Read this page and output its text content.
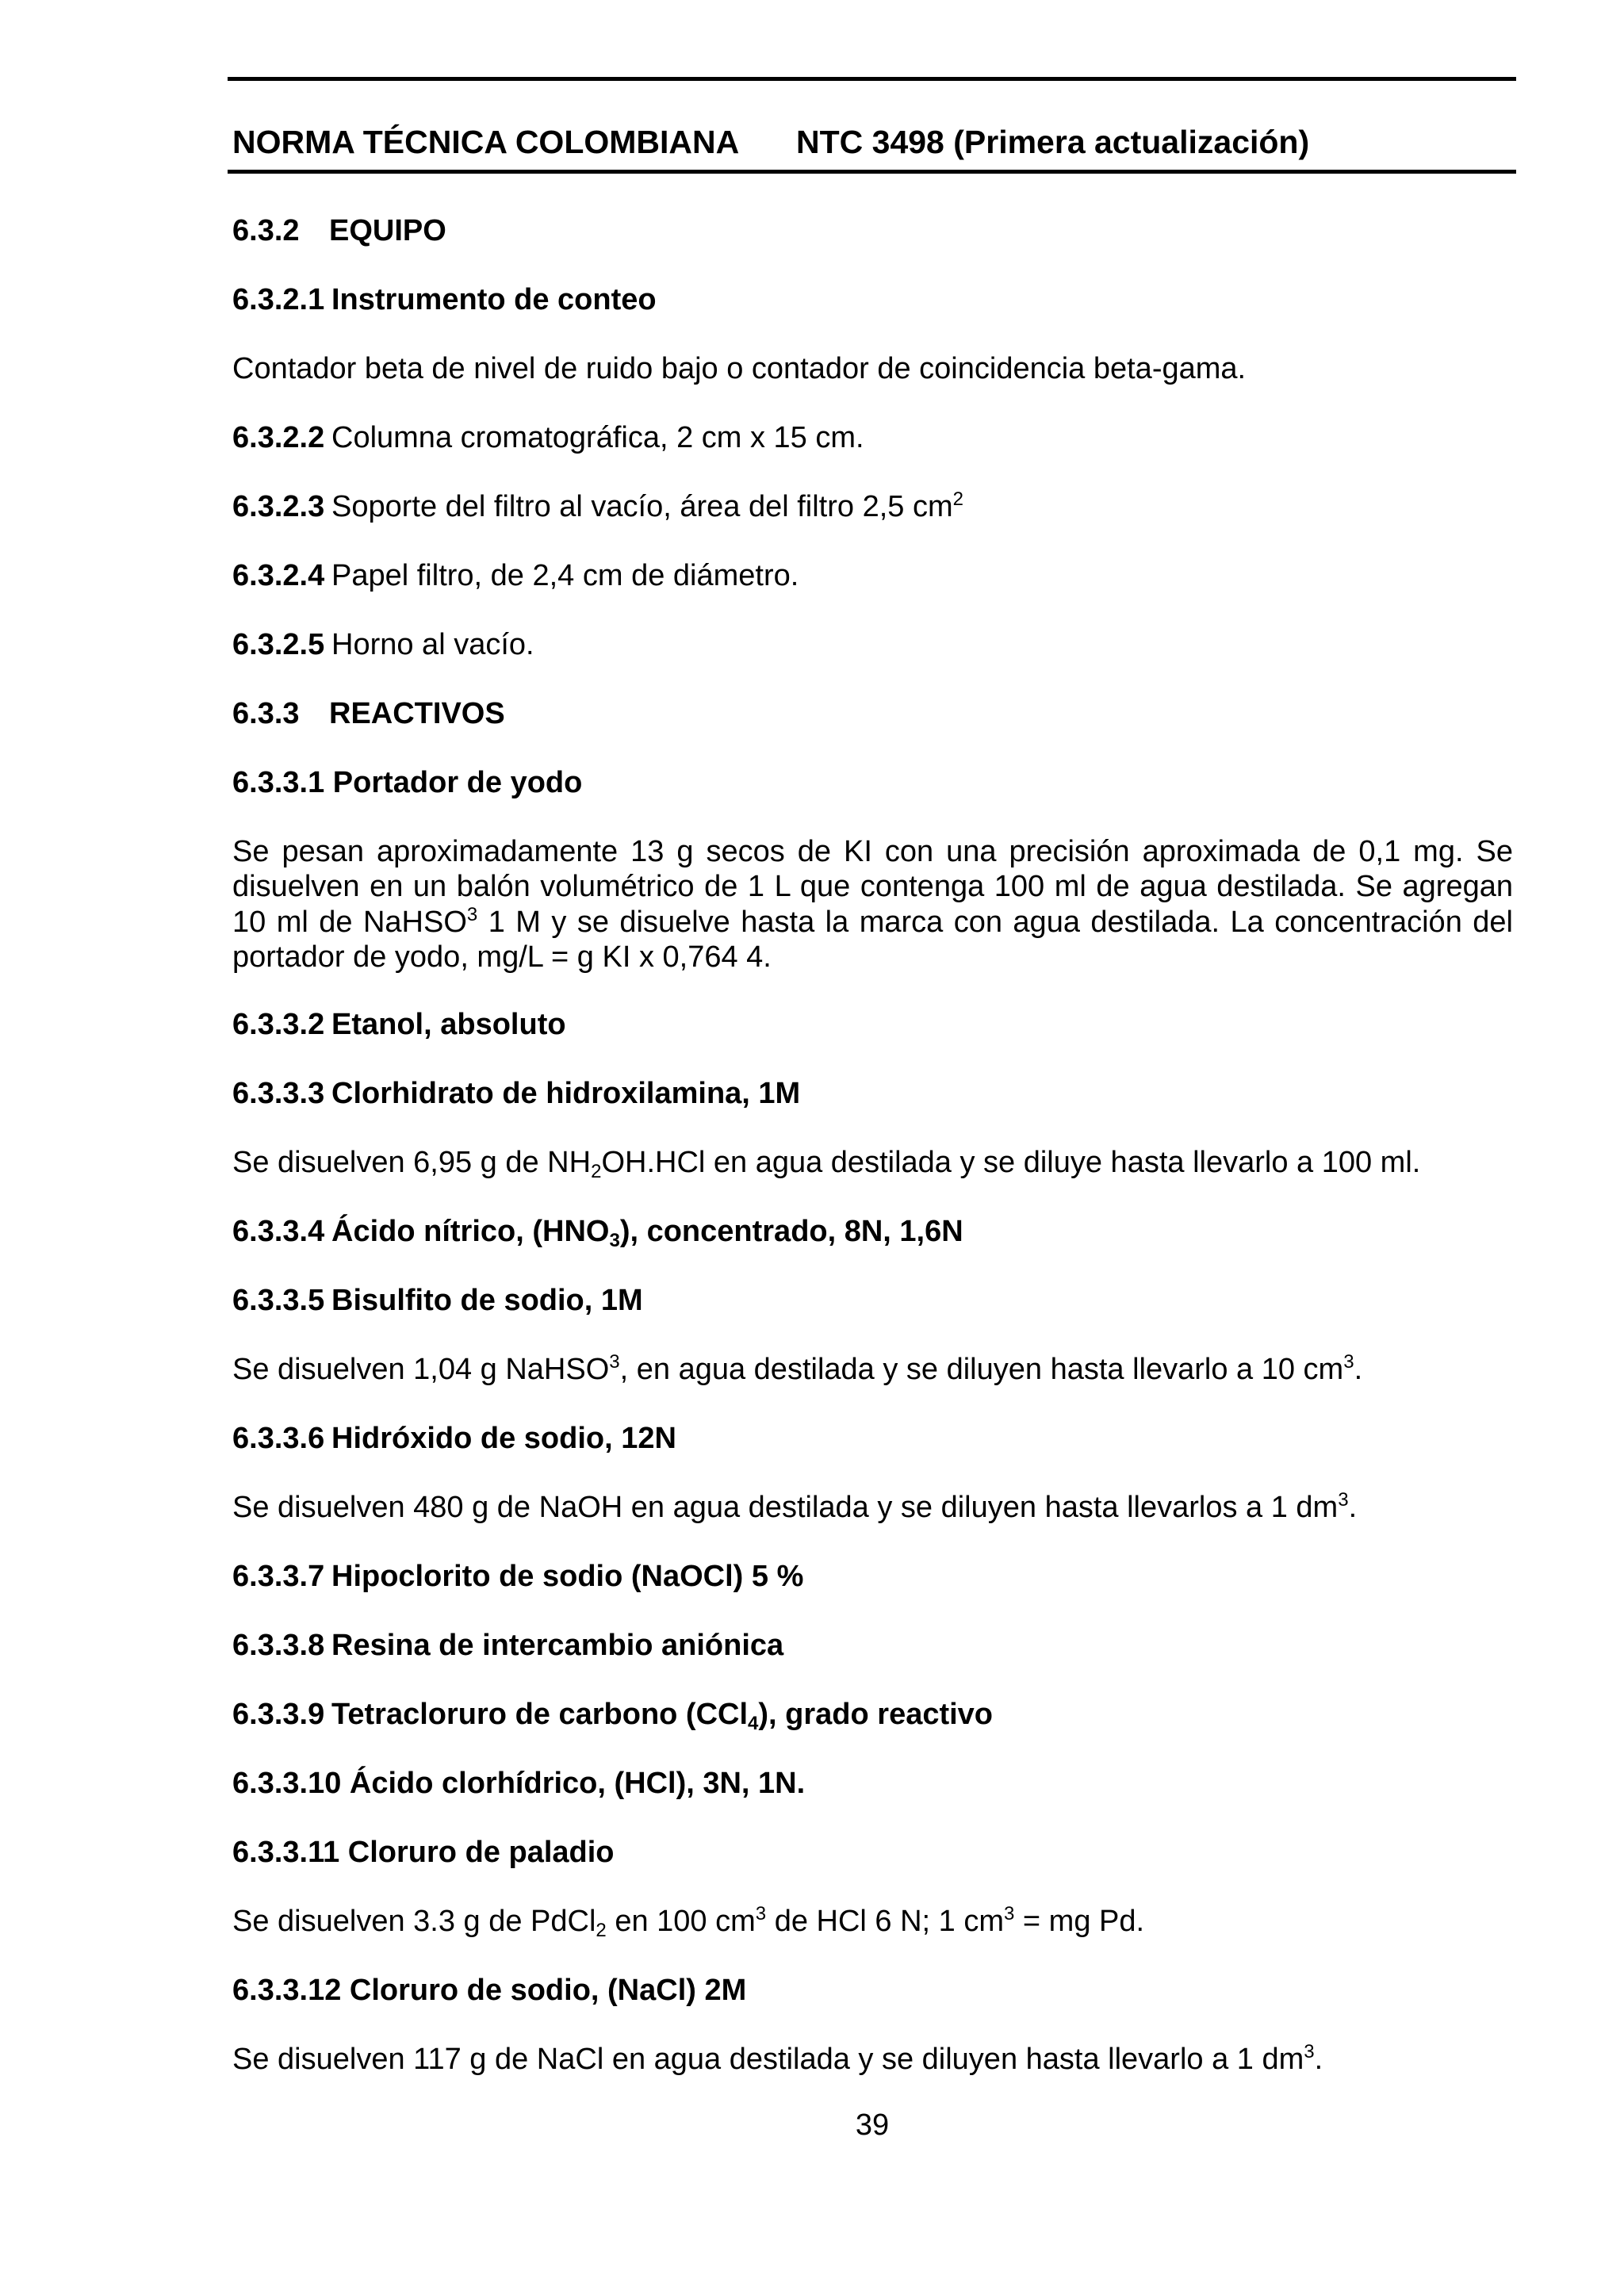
NORMA TÉCNICA COLOMBIANA NTC 3498 (Primera actualización)
6.3.2 EQUIPO
6.3.2.1 Instrumento de conteo
Contador beta de nivel de ruido bajo o contador de coincidencia beta-gama.
6.3.2.2 Columna cromatográfica, 2 cm x 15 cm.
6.3.2.3 Soporte del filtro al vacío, área del filtro 2,5 $cm^2$
6.3.2.4 Papel filtro, de 2,4 cm de diámetro.
6.3.2.5 Horno al vacío.
6.3.3 REACTIVOS
6.3.3.1 Portador de yodo
Se pesan aproximadamente 13 g secos de KI con una precisión aproximada de 0,1 mg. Se
disuelven en un balón volumétrico de 1 L que contenga 100 ml de agua destilada. Se agregan
10 ml de NaHSO$^3$ 1 M y se disuelve hasta la marca con agua destilada. La concentración del
portador de yodo, mg/L = g KI x 0,764 4.
6.3.3.2 Etanol, absoluto
6.3.3.3 Clorhidrato de hidroxilamina, 1M
Se disuelven 6,95 g de $NH_2OH.HCl$ en agua destilada y se diluye hasta llevarlo a 100 ml.
6.3.3.4 Ácido nítrico, $(HNO_3)$, concentrado, 8N, 1,6N
6.3.3.5 Bisulfito de sodio, 1M
Se disuelven 1,04 g NaHSO$^3$, en agua destilada y se diluyen hasta llevarlo a 10 $cm^3$.
6.3.3.6 Hidróxido de sodio, 12N
Se disuelven 480 g de NaOH en agua destilada y se diluyen hasta llevarlos a 1 $dm^3$.
6.3.3.7 Hipoclorito de sodio (NaOCl) 5 %
6.3.3.8 Resina de intercambio aniónica
6.3.3.9 Tetracloruro de carbono (CCl$_4$), grado reactivo
6.3.3.10 Ácido clorhídrico, (HCl), 3N, 1N.
6.3.3.11 Cloruro de paladio
Se disuelven 3.3 g de PdCl$_2$ en 100 $cm^3$ de HCl 6 N; 1 $cm^3$ = mg Pd.
6.3.3.12 Cloruro de sodio, (NaCl) 2M
Se disuelven 117 g de NaCl en agua destilada y se diluyen hasta llevarlo a 1 $dm^3$.
39
